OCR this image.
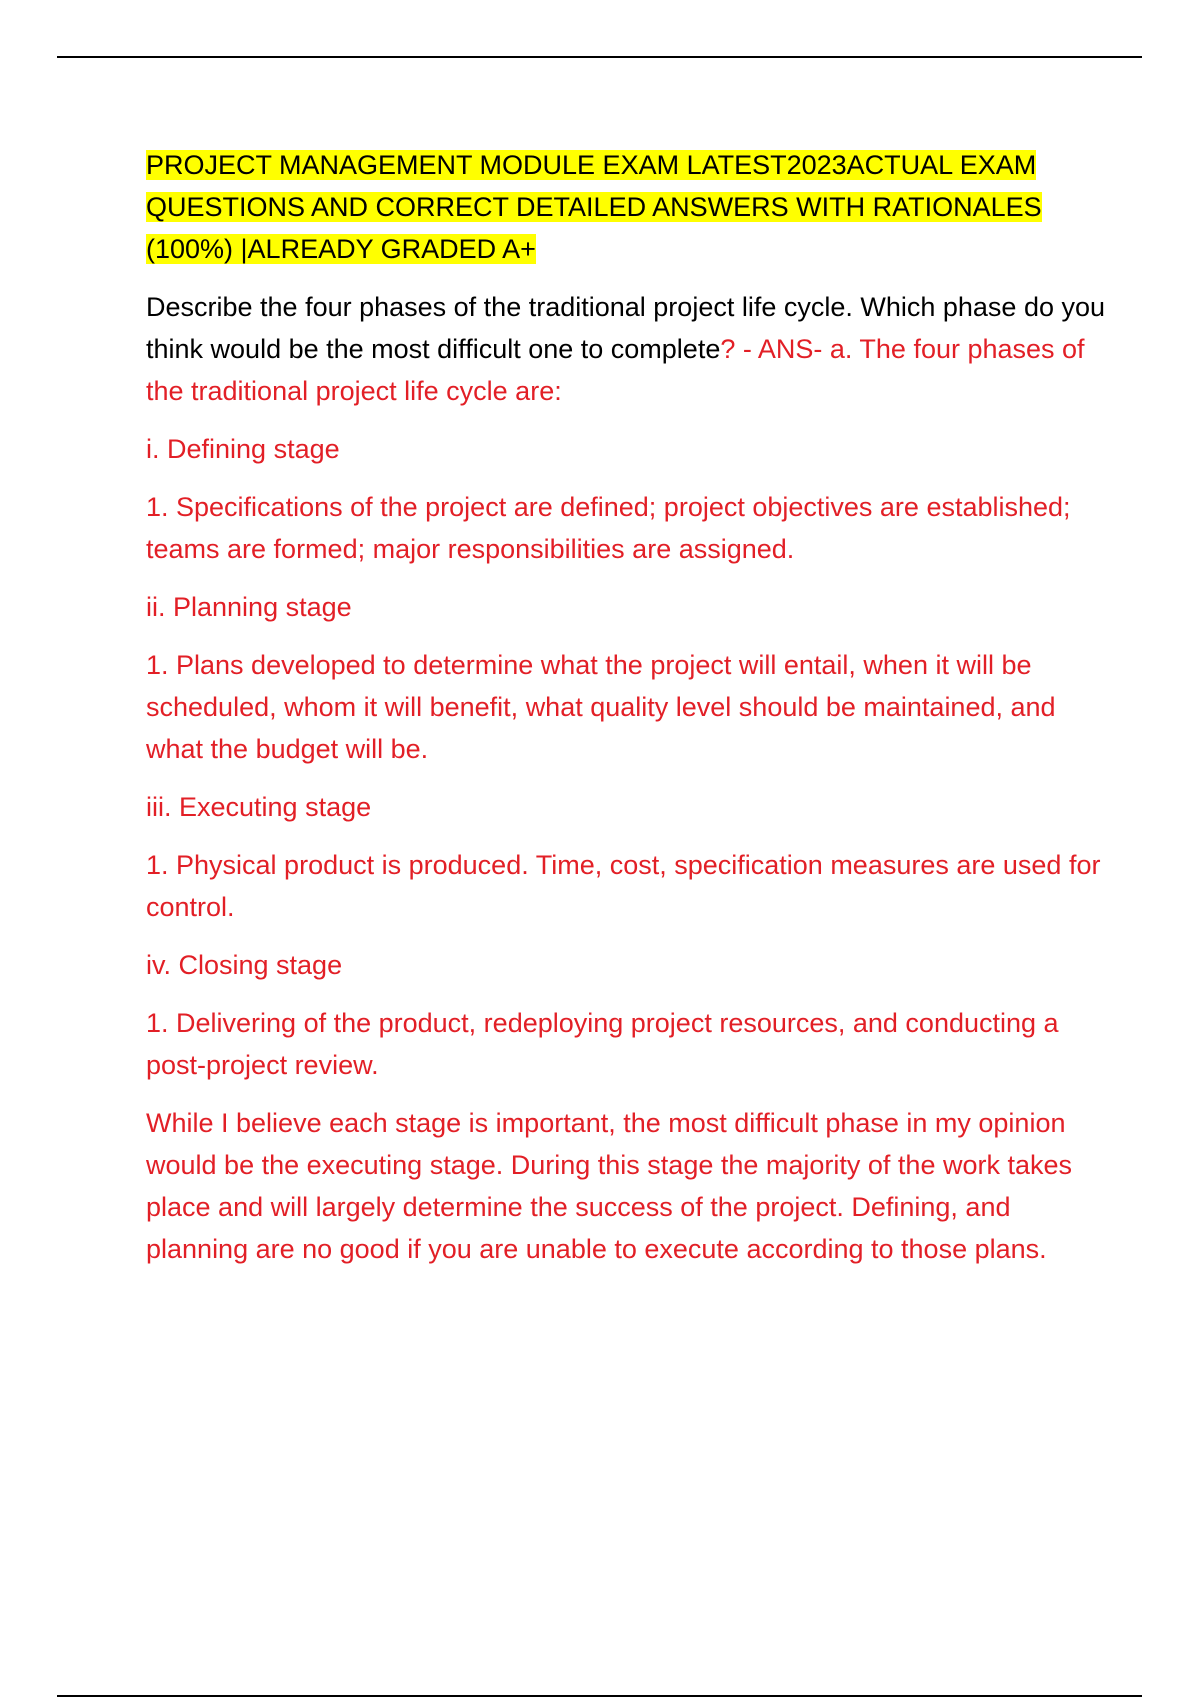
PROJECT MANAGEMENT MODULE EXAM LATEST2023ACTUAL EXAM
QUESTIONS AND CORRECT DETAILED ANSWERS WITH RATIONALES
(100%) |ALREADY GRADED A+

Describe the four phases of the traditional project life cycle. Which phase do you think would be the most difficult one to complete? - ANS- a. The four phases of the traditional project life cycle are:

i. Defining stage

1. Specifications of the project are defined; project objectives are established; teams are formed; major responsibilities are assigned.

ii. Planning stage

1. Plans developed to determine what the project will entail, when it will be scheduled, whom it will benefit, what quality level should be maintained, and what the budget will be.

iii. Executing stage

1. Physical product is produced. Time, cost, specification measures are used for control.

iv. Closing stage

1. Delivering of the product, redeploying project resources, and conducting a post-project review.

While I believe each stage is important, the most difficult phase in my opinion would be the executing stage. During this stage the majority of the work takes place and will largely determine the success of the project. Defining, and planning are no good if you are unable to execute according to those plans.
